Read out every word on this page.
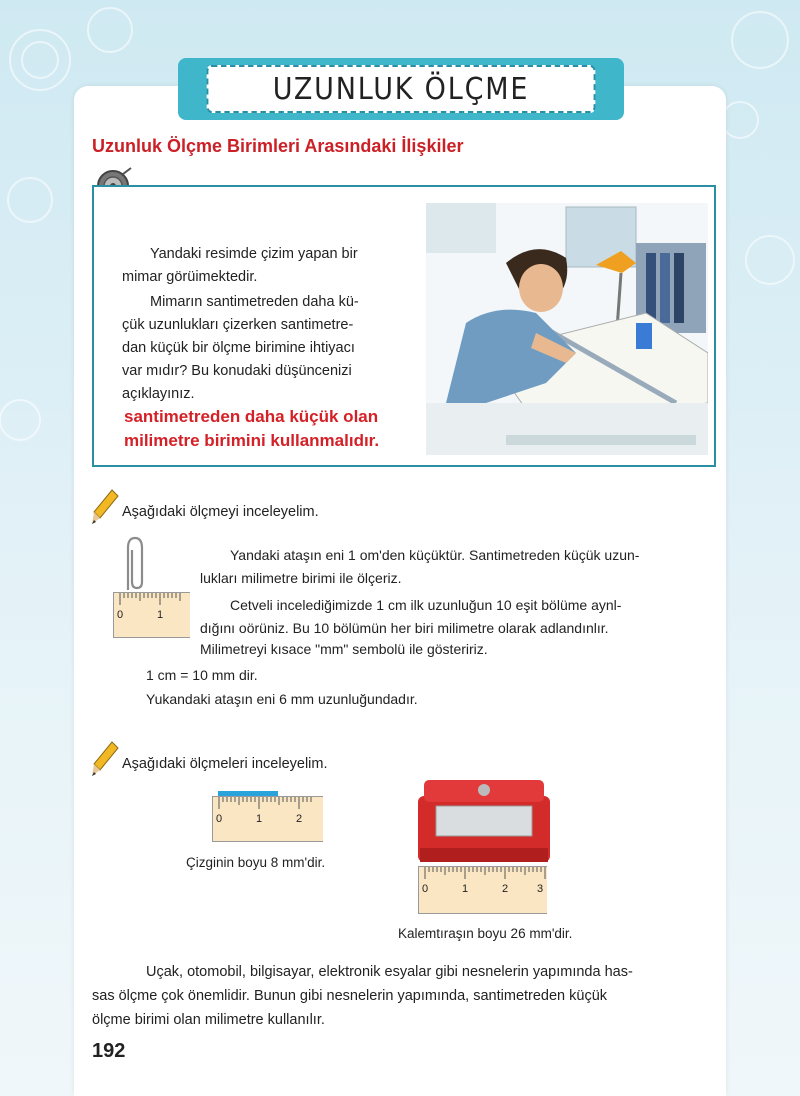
UZUNLUK ÖLÇME
Uzunluk Ölçme Birimleri Arasındaki İlişkiler
Yandaki resimde çizim yapan bir
mimar görüimektedir.
Mimarın santimetreden daha kü-
çük uzunlukları çizerken santimetre-
dan küçük bir ölçme birimine ihtiyacı
var mıdır? Bu konudaki düşüncenizi
açıklayınız.
santimetreden daha küçük olan
milimetre birimini kullanmalıdır.
Aşağıdaki ölçmeyi inceleyelim.
Yandaki ataşın eni 1 om'den küçüktür. Santimetreden küçük uzun-
lukları milimetre birimi ile ölçeriz.
Cetveli incelediğimizde 1 cm ilk uzunluğun 10 eşit bölüme aynl-
dığını oörüniz. Bu 10 bölümün her biri milimetre olarak adlandınlır.
Milimetreyi kısace "mm" sembolü ile gösteririz.
1 cm = 10 mm dir.
Yukandaki ataşın eni 6 mm uzunluğundadır.
0	1
Aşağıdaki ölçmeleri inceleyelim.
0	1	2
Çizginin boyu 8 mm'dir.
0	1	2	3
Kalemtıraşın boyu 26 mm'dir.
Uçak, otomobil, bilgisayar, elektronik esyalar gibi nesnelerin yapımında has-
sas ölçme çok önemlidir. Bunun gibi nesnelerin yapımında, santimetreden küçük
ölçme birimi olan milimetre kullanılır.
192
